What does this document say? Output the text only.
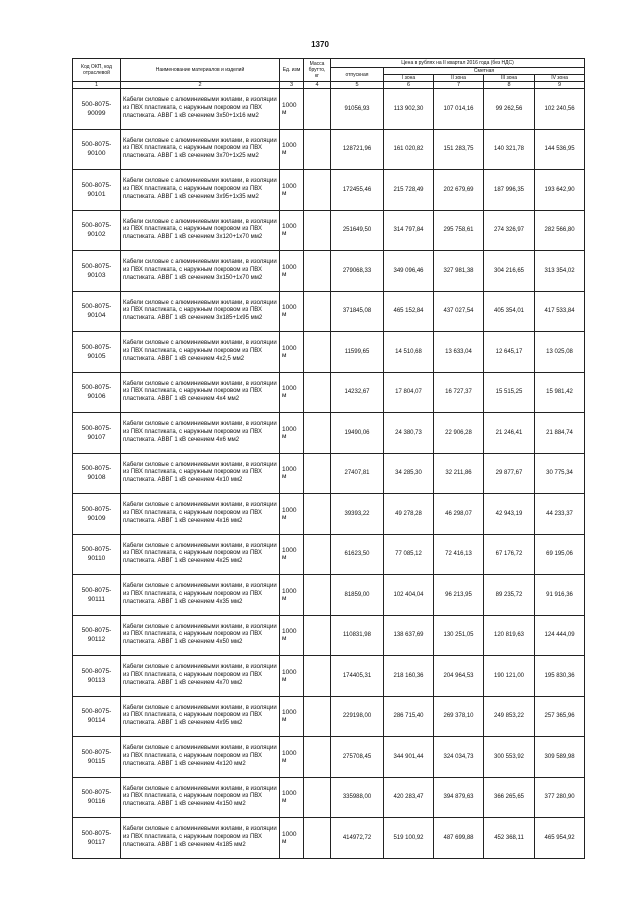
1370
Код ОКП, код отраслевой	Наименование материалов и изделий	Ед. изм	Масса брутто, кг	Цена в рублях на II квартал 2016 года (без НДС)				
				отпускная	Сметная			
					I зона	II зона	III зона	IV зона
1	2	3	4	5	6	7	8	9
500-8075-90099	Кабели силовые с алюминиевыми жилами, в изоляции из ПВХ пластиката, с наружным покровом из ПВХ пластиката. АВВГ 1 кВ сечением 3х50+1х16 мм2	1000 м		91056,93	113 902,30	107 014,16	99 262,56	102 240,56
500-8075-90100	Кабели силовые с алюминиевыми жилами, в изоляции из ПВХ пластиката, с наружным покровом из ПВХ пластиката. АВВГ 1 кВ сечением 3х70+1х25 мм2	1000 м		128721,96	161 020,82	151 283,75	140 321,78	144 536,95
500-8075-90101	Кабели силовые с алюминиевыми жилами, в изоляции из ПВХ пластиката, с наружным покровом из ПВХ пластиката. АВВГ 1 кВ сечением 3х95+1х35 мм2	1000 м		172455,46	215 728,49	202 679,69	187 996,35	193 642,90
500-8075-90102	Кабели силовые с алюминиевыми жилами, в изоляции из ПВХ пластиката, с наружным покровом из ПВХ пластиката. АВВГ 1 кВ сечением 3х120+1х70 мм2	1000 м		251649,50	314 797,84	295 758,61	274 326,97	282 566,80
500-8075-90103	Кабели силовые с алюминиевыми жилами, в изоляции из ПВХ пластиката, с наружным покровом из ПВХ пластиката. АВВГ 1 кВ сечением 3х150+1х70 мм2	1000 м		279068,33	349 096,46	327 981,38	304 216,65	313 354,02
500-8075-90104	Кабели силовые с алюминиевыми жилами, в изоляции из ПВХ пластиката, с наружным покровом из ПВХ пластиката. АВВГ 1 кВ сечением 3х185+1х95 мм2	1000 м		371845,08	465 152,84	437 027,54	405 354,01	417 533,84
500-8075-90105	Кабели силовые с алюминиевыми жилами, в изоляции из ПВХ пластиката, с наружным покровом из ПВХ пластиката. АВВГ 1 кВ сечением 4х2,5 мм2	1000 м		11599,65	14 510,68	13 633,04	12 645,17	13 025,08
500-8075-90106	Кабели силовые с алюминиевыми жилами, в изоляции из ПВХ пластиката, с наружным покровом из ПВХ пластиката. АВВГ 1 кВ сечением 4х4 мм2	1000 м		14232,67	17 804,07	16 727,37	15 515,25	15 981,42
500-8075-90107	Кабели силовые с алюминиевыми жилами, в изоляции из ПВХ пластиката, с наружным покровом из ПВХ пластиката. АВВГ 1 кВ сечением 4х6 мм2	1000 м		19490,06	24 380,73	22 906,28	21 246,41	21 884,74
500-8075-90108	Кабели силовые с алюминиевыми жилами, в изоляции из ПВХ пластиката, с наружным покровом из ПВХ пластиката. АВВГ 1 кВ сечением 4х10 мм2	1000 м		27407,81	34 285,30	32 211,86	29 877,67	30 775,34
500-8075-90109	Кабели силовые с алюминиевыми жилами, в изоляции из ПВХ пластиката, с наружным покровом из ПВХ пластиката. АВВГ 1 кВ сечением 4х16 мм2	1000 м		39393,22	49 278,28	46 298,07	42 943,19	44 233,37
500-8075-90110	Кабели силовые с алюминиевыми жилами, в изоляции из ПВХ пластиката, с наружным покровом из ПВХ пластиката. АВВГ 1 кВ сечением 4х25 мм2	1000 м		61623,50	77 085,12	72 416,13	67 176,72	69 195,06
500-8075-90111	Кабели силовые с алюминиевыми жилами, в изоляции из ПВХ пластиката, с наружным покровом из ПВХ пластиката. АВВГ 1 кВ сечением 4х35 мм2	1000 м		81859,00	102 404,04	96 213,95	89 235,72	91 916,36
500-8075-90112	Кабели силовые с алюминиевыми жилами, в изоляции из ПВХ пластиката, с наружным покровом из ПВХ пластиката. АВВГ 1 кВ сечением 4х50 мм2	1000 м		110831,98	138 637,69	130 251,05	120 819,63	124 444,09
500-8075-90113	Кабели силовые с алюминиевыми жилами, в изоляции из ПВХ пластиката, с наружным покровом из ПВХ пластиката. АВВГ 1 кВ сечением 4х70 мм2	1000 м		174405,31	218 160,36	204 964,53	190 121,00	195 830,36
500-8075-90114	Кабели силовые с алюминиевыми жилами, в изоляции из ПВХ пластиката, с наружным покровом из ПВХ пластиката. АВВГ 1 кВ сечением 4х95 мм2	1000 м		229198,00	286 715,40	269 378,10	249 853,22	257 365,96
500-8075-90115	Кабели силовые с алюминиевыми жилами, в изоляции из ПВХ пластиката, с наружным покровом из ПВХ пластиката. АВВГ 1 кВ сечением 4х120 мм2	1000 м		275708,45	344 901,44	324 034,73	300 553,92	309 589,98
500-8075-90116	Кабели силовые с алюминиевыми жилами, в изоляции из ПВХ пластиката, с наружным покровом из ПВХ пластиката. АВВГ 1 кВ сечением 4х150 мм2	1000 м		335988,00	420 283,47	394 879,63	366 265,65	377 280,90
500-8075-90117	Кабели силовые с алюминиевыми жилами, в изоляции из ПВХ пластиката, с наружным покровом из ПВХ пластиката. АВВГ 1 кВ сечением 4х185 мм2	1000 м		414972,72	519 100,92	487 699,88	452 368,11	465 954,92
